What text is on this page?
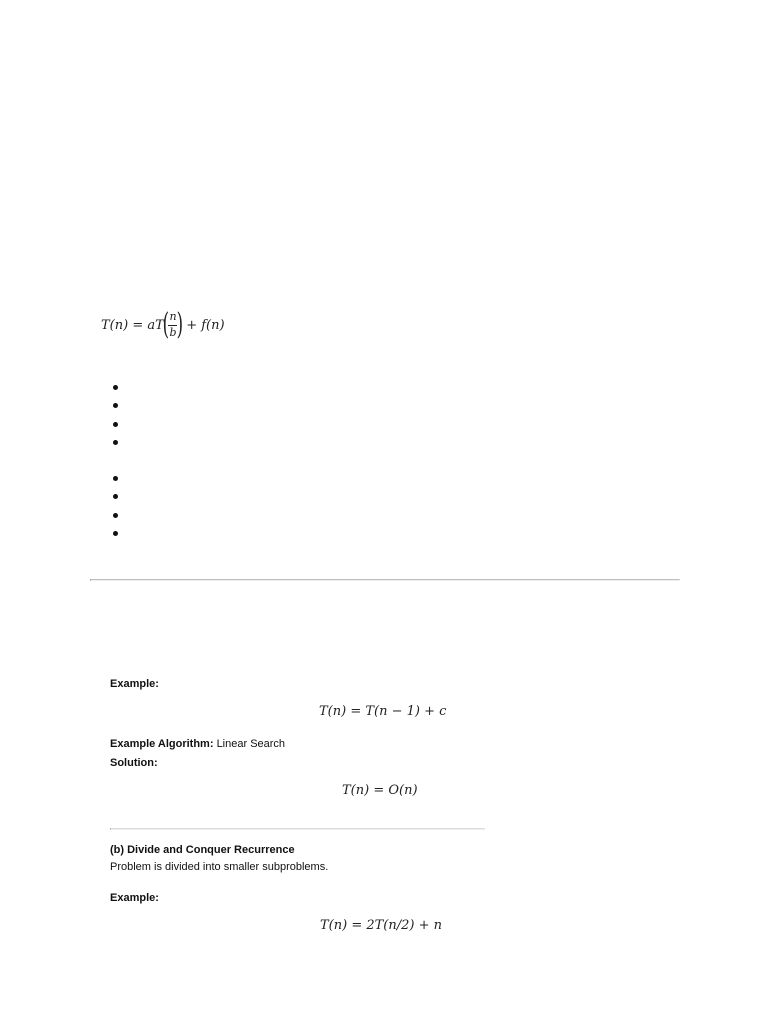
T(n) = aT
( $\frac{n}{b}$ ) + f(n)
Example:
T(n) = T(n − 1) + c
Example Algorithm: Linear Search
Solution:
T(n) = O(n)
(b) Divide and Conquer Recurrence
Problem is divided into smaller subproblems.
Example:
T(n) = 2T(n/2) + n
